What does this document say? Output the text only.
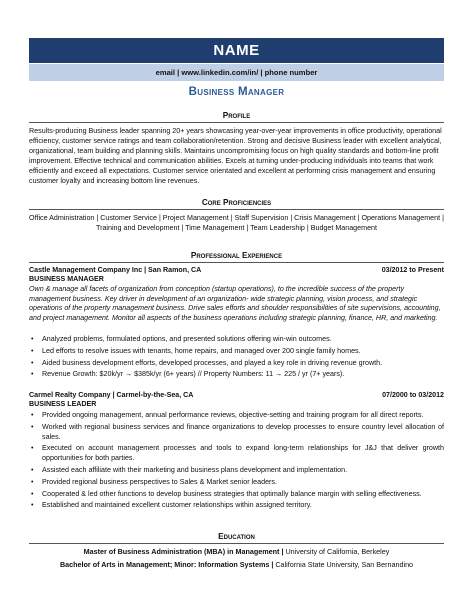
NAME
email | www.linkedin.com/in/ | phone number
Business Manager
Profile
Results-producing Business leader spanning 20+ years showcasing year-over-year improvements in office productivity, operational efficiency, customer service ratings and team collaboration/retention. Strong and decisive Business leader with excellent analytical, organizational, team building and planning skills. Maintains uncompromising focus on high quality standards and bottom-line profit improvement. Effective technical and communication abilities. Excels at turning under-producing individuals into teams that work efficiently and exceed all expectations. Customer service orientated and excellent at performing crisis management and ensuring customer loyalty and increasing bottom line revenues.
Core Proficiencies
Office Administration | Customer Service | Project Management | Staff Supervision | Crisis Management | Operations Management | Training and Development | Time Management | Team Leadership | Budget Management
Professional Experience
Castle Management Company Inc | San Ramon, CA	03/2012 to Present
BUSINESS MANAGER
Own & manage all facets of organization from conception (startup operations), to the incredible success of the property management business. Key driver in development of an organization- wide strategic planning, vision process, and strategic operations of the property management business. Drive sales efforts and shoulder responsibilities of site supervisions, accounting, and project management. Monitor all aspects of the business operations including strategic planning, finance, HR, and marketing.
• Analyzed problems, formulated options, and presented solutions offering win-win outcomes.
• Led efforts to resolve issues with tenants, home repairs, and managed over 200 single family homes.
• Aided business development efforts, developed processes, and played a key role in driving revenue growth.
• Revenue Growth: $20k/yr → $385k/yr (6+ years) // Property Numbers: 11 → 225 / yr (7+ years).
Carmel Realty Company | Carmel-by-the-Sea, CA	07/2000 to 03/2012
BUSINESS LEADER
• Provided ongoing management, annual performance reviews, objective-setting and training program for all direct reports.
• Worked with regional business services and finance organizations to develop processes to ensure country level allocation of sales.
• Executed on account management processes and tools to expand long-term relationships for J&J that deliver growth opportunities for both parties.
• Assisted each affiliate with their marketing and business plans development and implementation.
• Provided regional business perspectives to Sales & Market senior leaders.
• Cooperated & led other functions to develop business strategies that optimally balance margin with selling effectiveness.
• Established and maintained excellent customer relationships within assigned territory.
Education
Master of Business Administration (MBA) in Management | University of California, Berkeley
Bachelor of Arts in Management; Minor: Information Systems | California State University, San Bernandino
